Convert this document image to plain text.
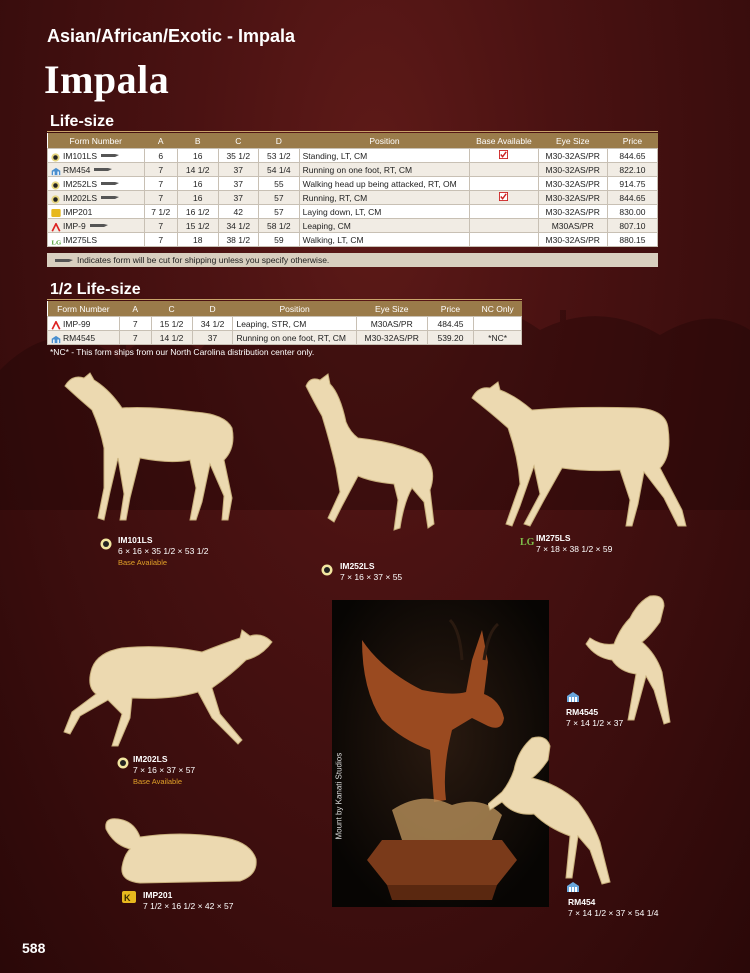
Asian/African/Exotic - Impala
Impala
Life-size
Form Number	A	B	C	D	Position	Base Available	Eye Size	Price
IM101LS	6	16	35 1/2	53 1/2	Standing, LT, CM		M30-32AS/PR	844.65
RM454	7	14 1/2	37	54 1/4	Running on one foot, RT, CM		M30-32AS/PR	822.10
IM252LS	7	16	37	55	Walking head up being attacked, RT, OM		M30-32AS/PR	914.75
IM202LS	7	16	37	57	Running, RT, CM		M30-32AS/PR	844.65
IMP201	7 1/2	16 1/2	42	57	Laying down, LT, CM		M30-32AS/PR	830.00
IMP-9	7	15 1/2	34 1/2	58 1/2	Leaping, CM		M30AS/PR	807.10

LG IM275LS	7	18	38 1/2	59	Walking, LT, CM		M30-32AS/PR	880.15
Indicates form will be cut for shipping unless you specify otherwise.
1/2 Life-size
Form Number	A	C	D	Position	Eye Size	Price	NC Only
IMP-99	7	15 1/2	34 1/2	Leaping, STR, CM	M30AS/PR	484.45	
RM4545	7	14 1/2	37	Running on one foot, RT, CM	M30-32AS/PR	539.20	*NC*
*NC* - This form ships from our North Carolina distribution center only.
IM101LS
6 × 16 × 35 1/2 × 53 1/2
Base Available	IM252LS
7 × 16 × 37 × 55
LG IM275LS
7 × 18 × 38 1/2 × 59
IM202LS
7 × 16 × 37 × 57
Base Available
K IMP201
7 1/2 × 16 1/2 × 42 × 57
Mount by Kanati Studios
RM4545
7 × 14 1/2 × 37
RM454
7 × 14 1/2 × 37 × 54 1/4
588
